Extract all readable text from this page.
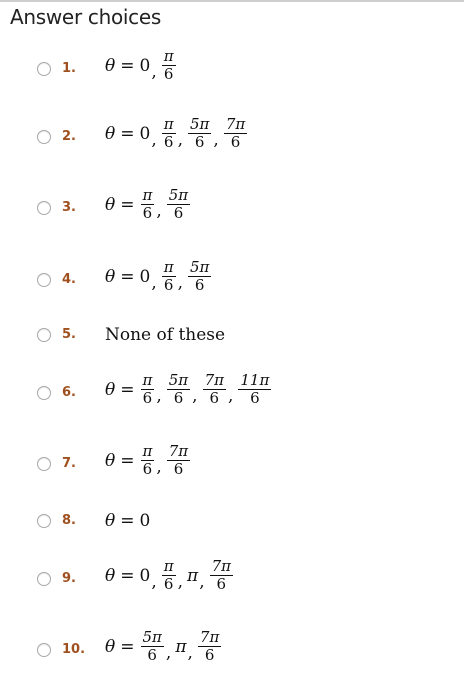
Answer choices
1. θ = 0 , $\frac{\pi}{6}$
2. θ = 0 , $\frac{\pi}{6}$ , $\frac{5\pi}{6}$ , $\frac{7\pi}{6}$
3. $\theta = \frac{\pi}{6}$ , $\frac{5\pi}{6}$
4. θ = 0 , $\frac{\pi}{6}$ , $\frac{5\pi}{6}$
5. None of these
6. $\theta = \frac{\pi}{6}$ , $\frac{5\pi}{6}$ , $\frac{7\pi}{6}$ , $\frac{11\pi}{6}$
7. $\theta = \frac{\pi}{6}$ , $\frac{7\pi}{6}$
8. θ = 0
9. θ = 0 , $\frac{\pi}{6}$ , π , $\frac{7\pi}{6}$
10. $\theta = \frac{5\pi}{6}$ , π , $\frac{7\pi}{6}$
